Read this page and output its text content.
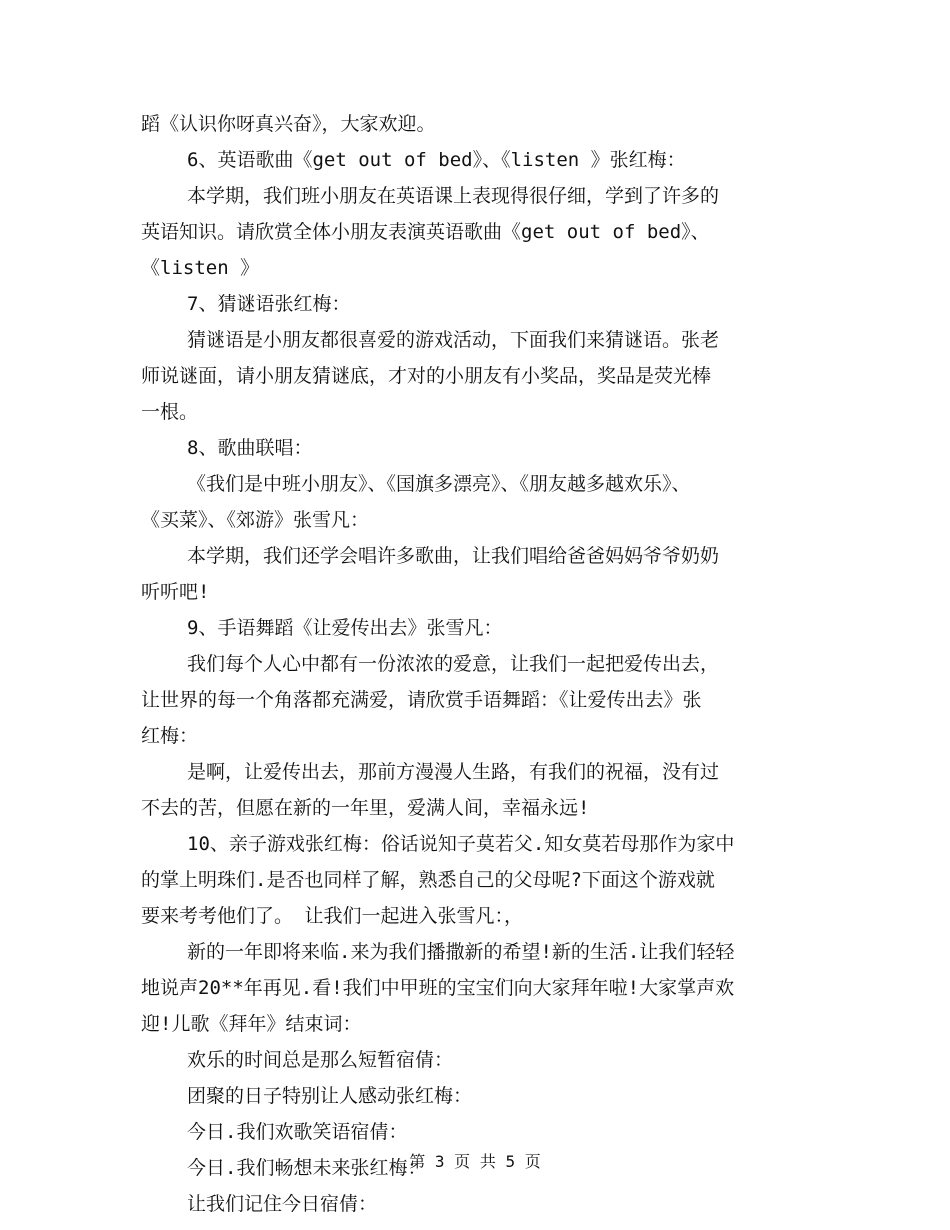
蹈《认识你呀真兴奋》，大家欢迎。
6、英语歌曲《get out of bed》、《listen 》张红梅：
本学期，我们班小朋友在英语课上表现得很仔细，学到了许多的
英语知识。请欣赏全体小朋友表演英语歌曲《get out of bed》、
《listen 》
7、猜谜语张红梅：
猜谜语是小朋友都很喜爱的游戏活动，下面我们来猜谜语。张老
师说谜面，请小朋友猜谜底，才对的小朋友有小奖品，奖品是荧光棒
一根。
8、歌曲联唱：
《我们是中班小朋友》、《国旗多漂亮》、《朋友越多越欢乐》、
《买菜》、《郊游》张雪凡：
本学期，我们还学会唱许多歌曲，让我们唱给爸爸妈妈爷爷奶奶
听听吧!
9、手语舞蹈《让爱传出去》张雪凡：
我们每个人心中都有一份浓浓的爱意，让我们一起把爱传出去，
让世界的每一个角落都充满爱，请欣赏手语舞蹈：《让爱传出去》张
红梅：
是啊，让爱传出去，那前方漫漫人生路，有我们的祝福，没有过
不去的苦，但愿在新的一年里，爱满人间，幸福永远!
10、亲子游戏张红梅：俗话说知子莫若父.知女莫若母那作为家中
的掌上明珠们.是否也同样了解，熟悉自己的父母呢?下面这个游戏就
要来考考他们了。 让我们一起进入张雪凡：，
新的一年即将来临.来为我们播撒新的希望!新的生活.让我们轻轻
地说声20**年再见.看!我们中甲班的宝宝们向大家拜年啦!大家掌声欢
迎!儿歌《拜年》结束词：
欢乐的时间总是那么短暂宿倩：
团聚的日子特别让人感动张红梅：
今日.我们欢歌笑语宿倩：
今日.我们畅想未来张红梅：
让我们记住今日宿倩：
第 3 页 共 5 页
